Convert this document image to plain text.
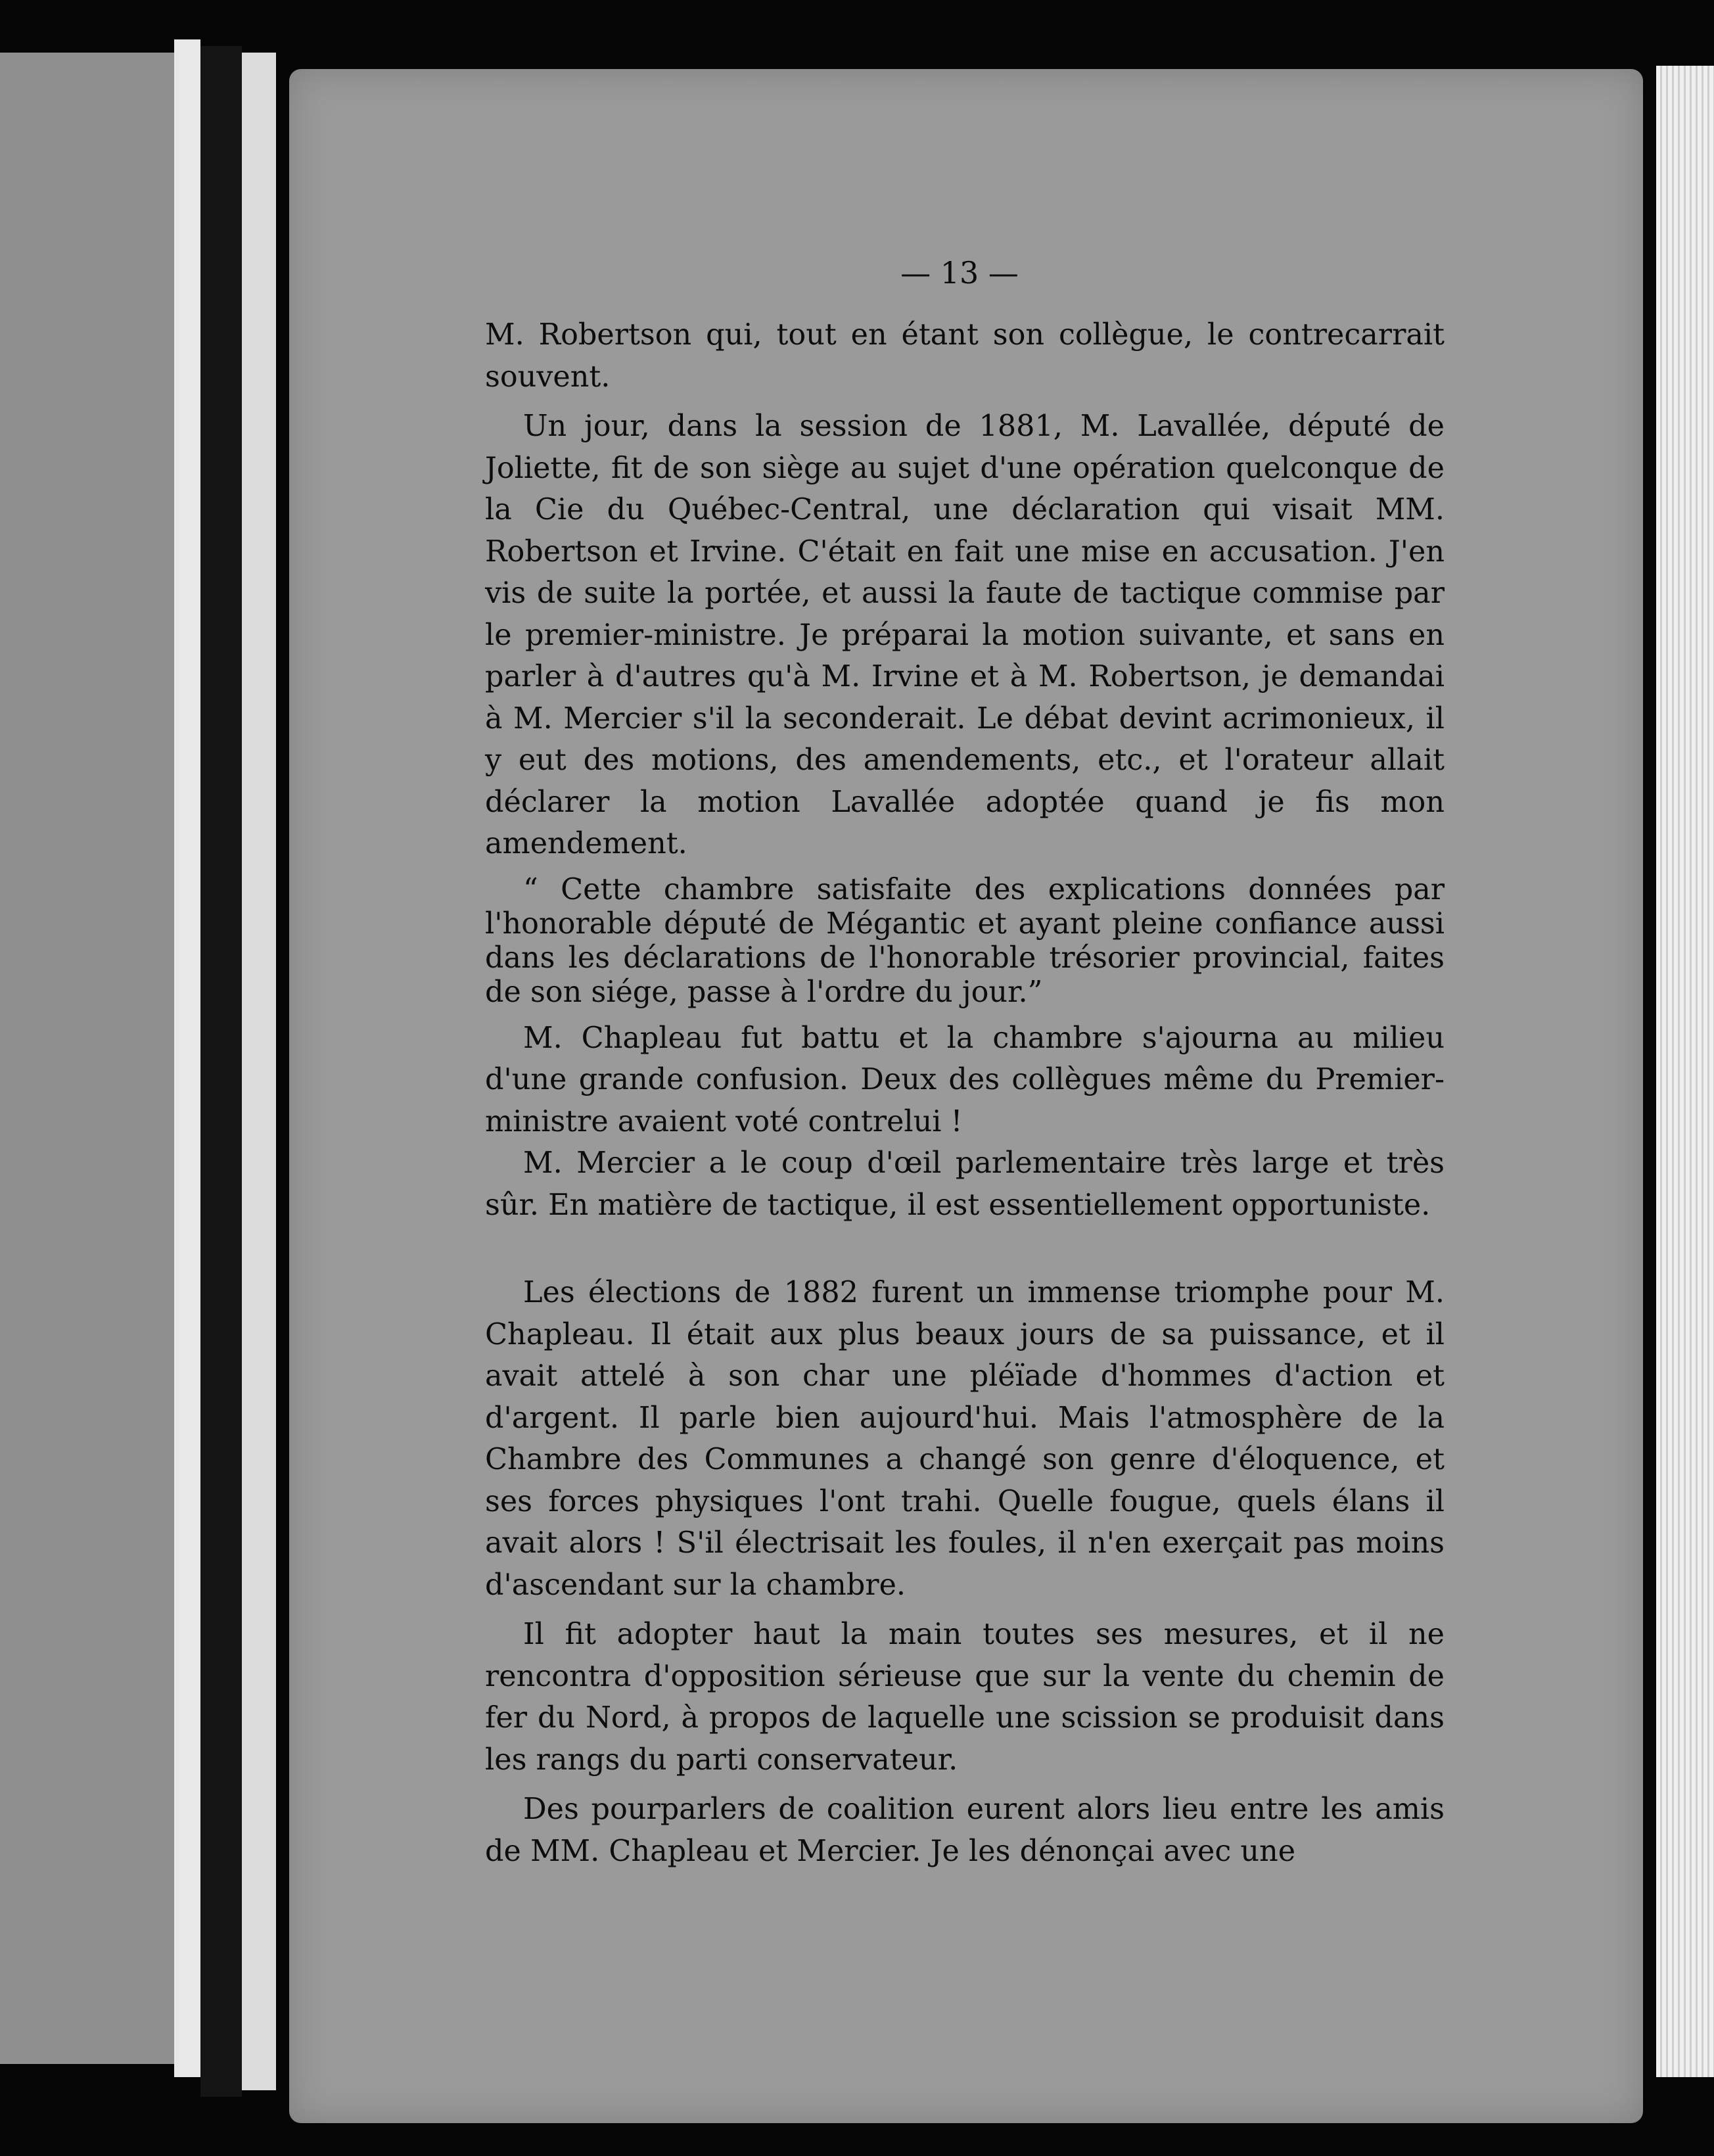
— 13 —

M. Robertson qui, tout en étant son collègue, le contrecarrait souvent.

Un jour, dans la session de 1881, M. Lavallée, député de Joliette, fit de son siège au sujet d'une opération quelconque de la Cie du Québec-Central, une déclaration qui visait MM. Robertson et Irvine. C'était en fait une mise en accusation. J'en vis de suite la portée, et aussi la faute de tactique commise par le premier-ministre. Je préparai la motion suivante, et sans en parler à d'autres qu'à M. Irvine et à M. Robertson, je demandai à M. Mercier s'il la seconderait. Le débat devint acrimonieux, il y eut des motions, des amendements, etc., et l'orateur allait déclarer la motion Lavallée adoptée quand je fis mon amendement.

“ Cette chambre satisfaite des explications données par l'honorable député de Mégantic et ayant pleine confiance aussi dans les déclarations de l'honorable trésorier provincial, faites de son siége, passe à l'ordre du jour.”

M. Chapleau fut battu et la chambre s'ajourna au milieu d'une grande confusion. Deux des collègues même du Premier-ministre avaient voté contrelui !

M. Mercier a le coup d'œil parlementaire très large et très sûr. En matière de tactique, il est essentiellement opportuniste.

Les élections de 1882 furent un immense triomphe pour M. Chapleau. Il était aux plus beaux jours de sa puissance, et il avait attelé à son char une pléïade d'hommes d'action et d'argent. Il parle bien aujourd'hui. Mais l'atmosphère de la Chambre des Communes a changé son genre d'éloquence, et ses forces physiques l'ont trahi. Quelle fougue, quels élans il avait alors ! S'il électrisait les foules, il n'en exerçait pas moins d'ascendant sur la chambre.

Il fit adopter haut la main toutes ses mesures, et il ne rencontra d'opposition sérieuse que sur la vente du chemin de fer du Nord, à propos de laquelle une scission se produisit dans les rangs du parti conservateur.

Des pourparlers de coalition eurent alors lieu entre les amis de MM. Chapleau et Mercier. Je les dénonçai avec une
